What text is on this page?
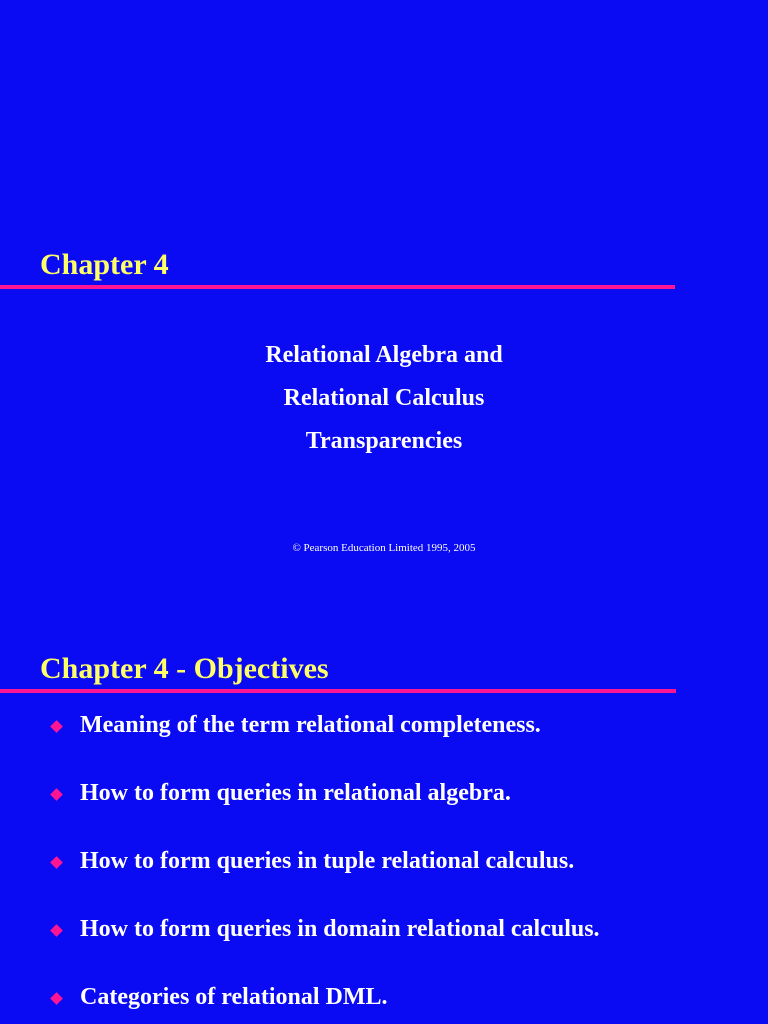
Chapter 4
Relational Algebra and
Relational Calculus
Transparencies
© Pearson Education Limited 1995, 2005
Chapter 4 - Objectives
Meaning of the term relational completeness.
How to form queries in relational algebra.
How to form queries in tuple relational calculus.
How to form queries in domain relational calculus.
Categories of relational DML.
